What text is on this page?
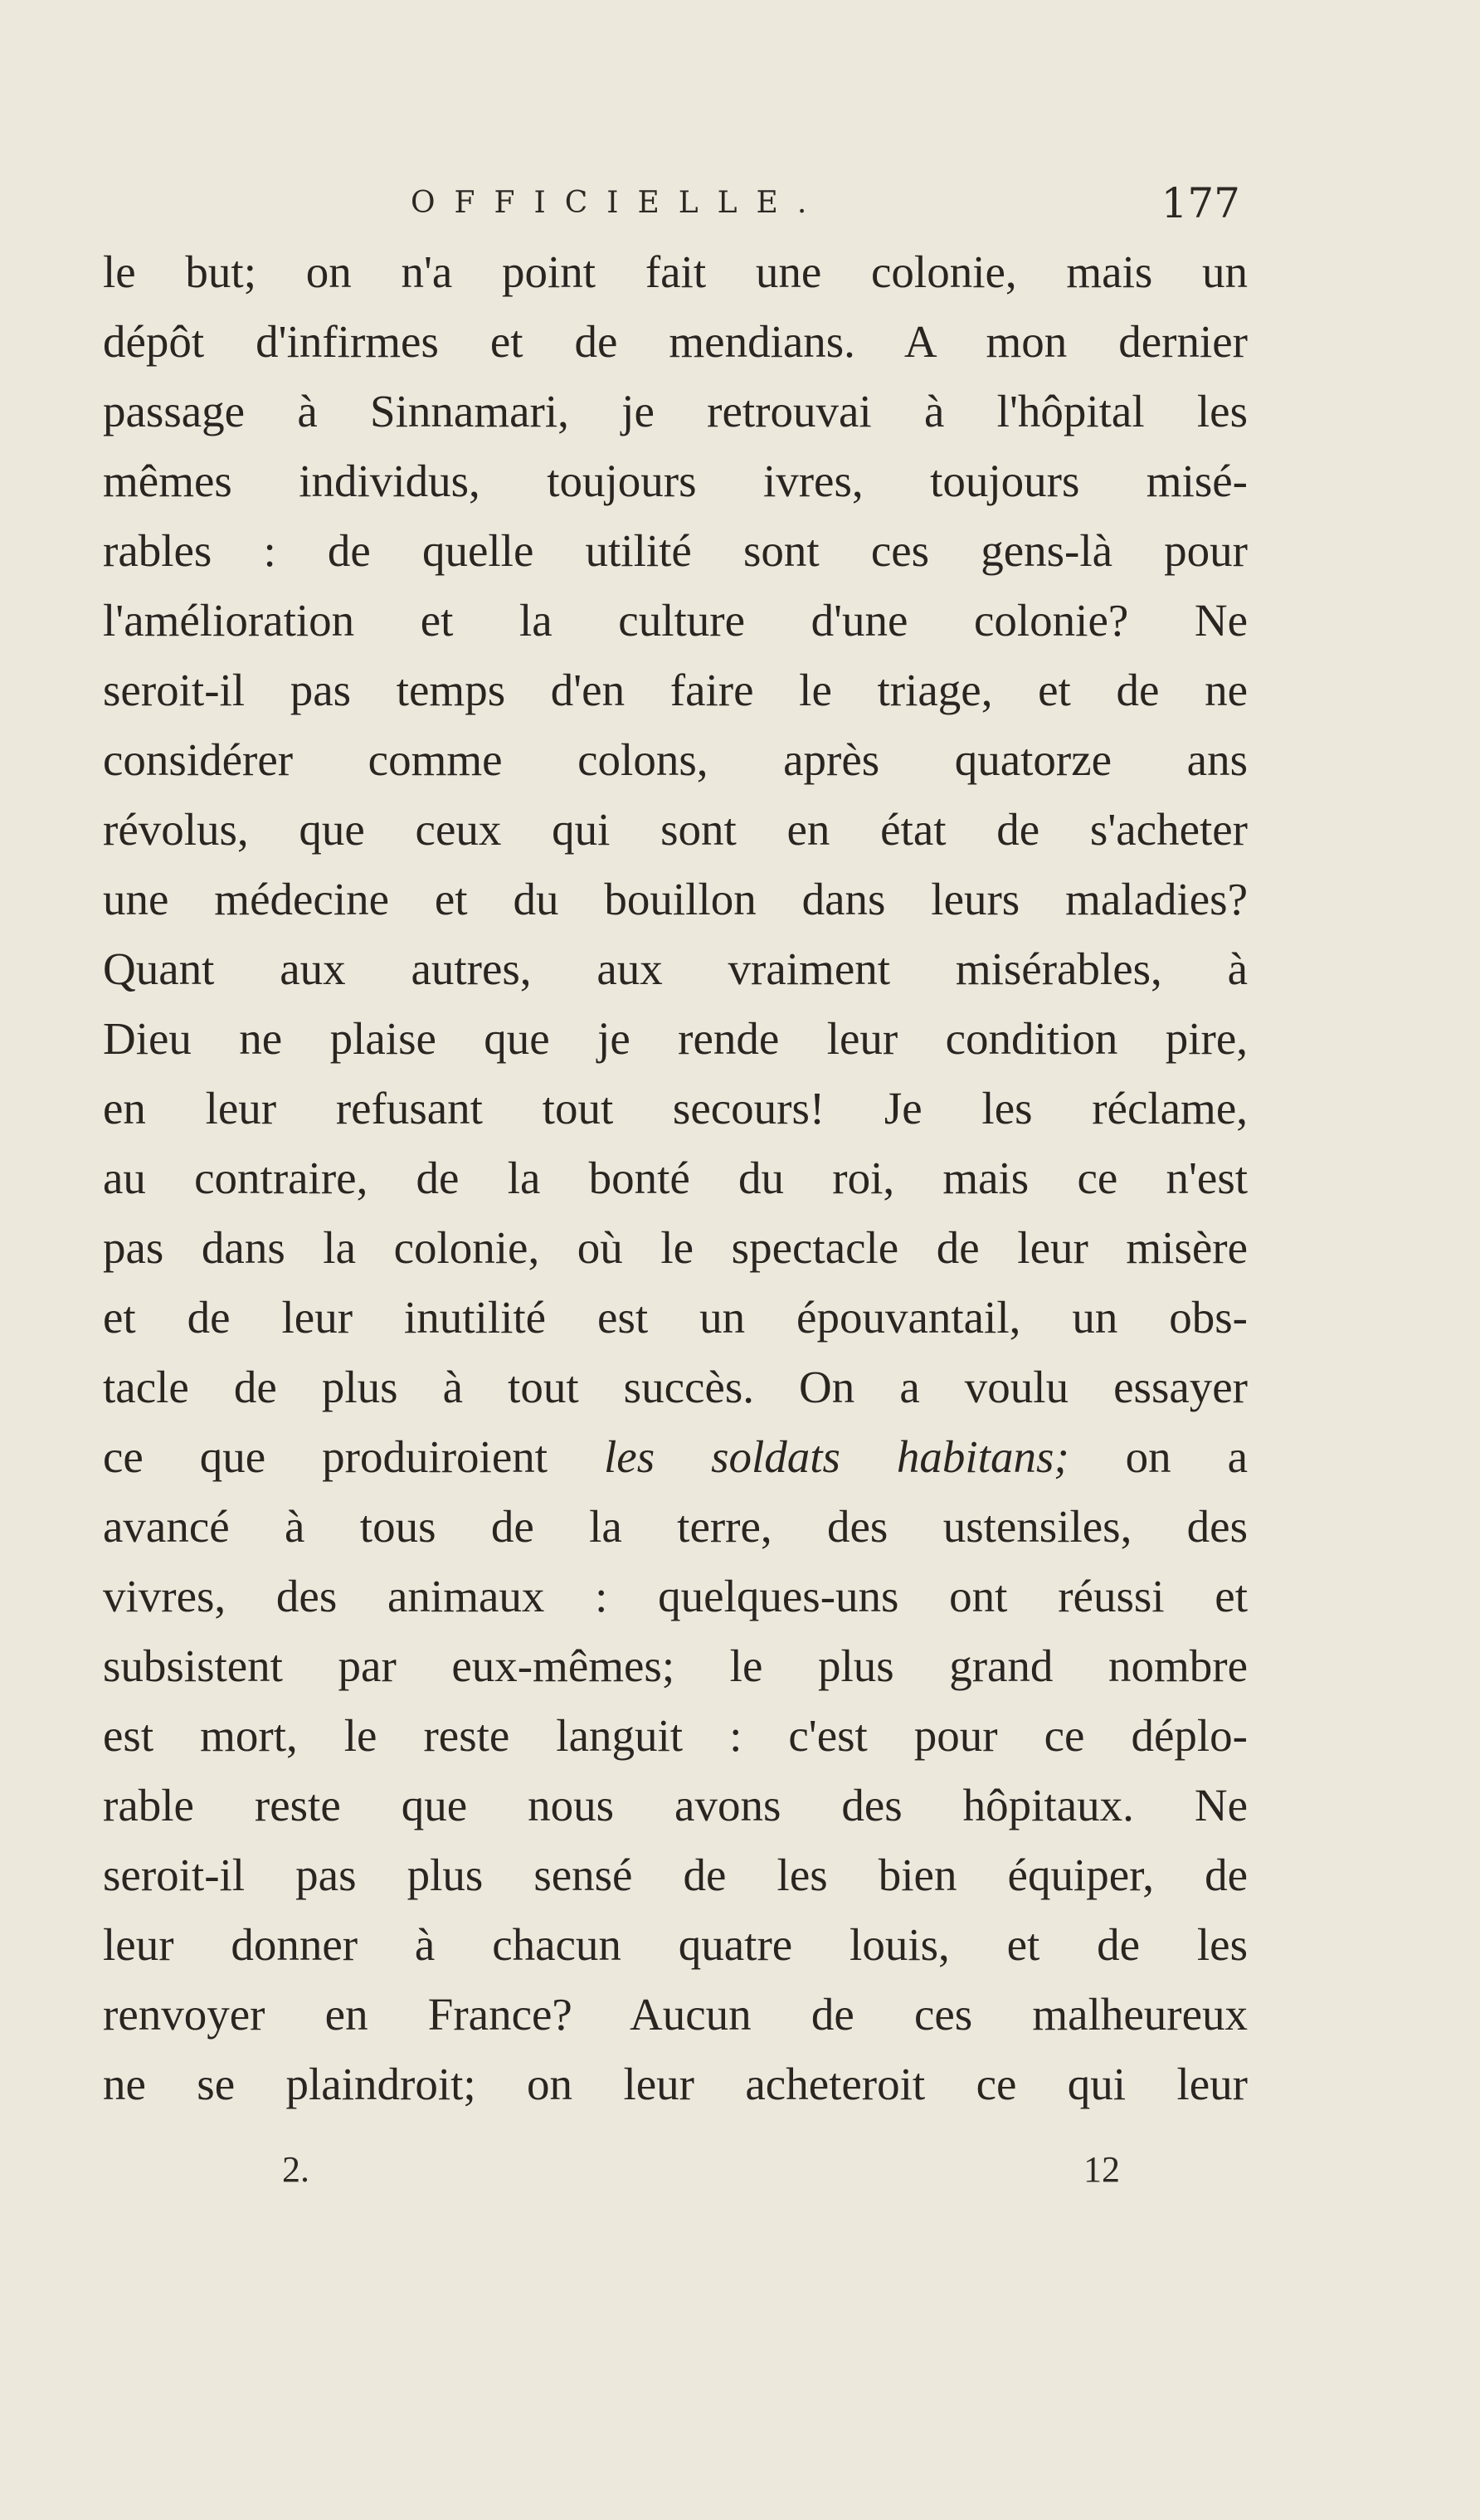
OFFICIELLE.	177
le but; on n'a point fait une colonie, mais un
dépôt d'infirmes et de mendians. A mon dernier
passage à Sinnamari, je retrouvai à l'hôpital les
mêmes individus, toujours ivres, toujours misé-
rables : de quelle utilité sont ces gens-là pour
l'amélioration et la culture d'une colonie? Ne
seroit-il pas temps d'en faire le triage, et de ne
considérer comme colons, après quatorze ans
révolus, que ceux qui sont en état de s'acheter
une médecine et du bouillon dans leurs maladies?
Quant aux autres, aux vraiment misérables, à
Dieu ne plaise que je rende leur condition pire,
en leur refusant tout secours! Je les réclame,
au contraire, de la bonté du roi, mais ce n'est
pas dans la colonie, où le spectacle de leur misère
et de leur inutilité est un épouvantail, un obs-
tacle de plus à tout succès. On a voulu essayer
ce que produiroient les soldats habitans; on a
avancé à tous de la terre, des ustensiles, des
vivres, des animaux : quelques-uns ont réussi et
subsistent par eux-mêmes; le plus grand nombre
est mort, le reste languit : c'est pour ce déplo-
rable reste que nous avons des hôpitaux. Ne
seroit-il pas plus sensé de les bien équiper, de
leur donner à chacun quatre louis, et de les
renvoyer en France? Aucun de ces malheureux
ne se plaindroit; on leur acheteroit ce qui leur
2.	12
